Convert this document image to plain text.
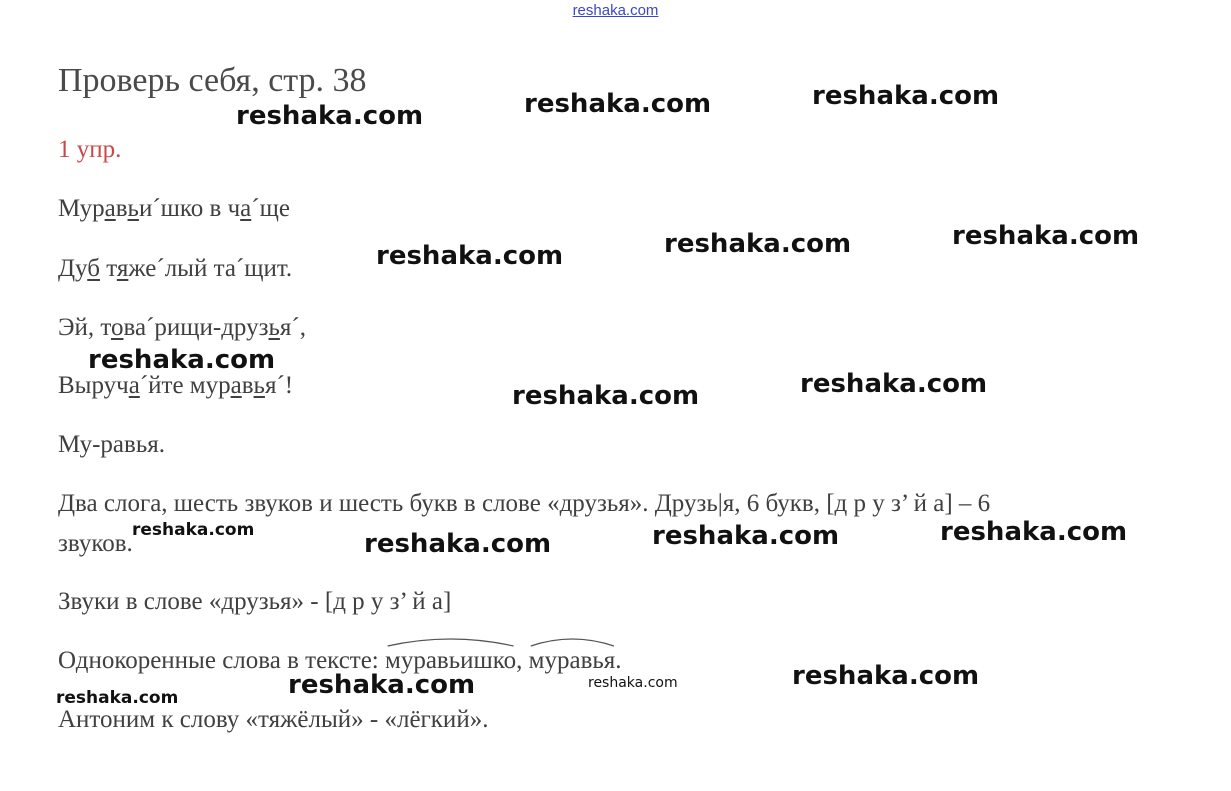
reshaka.com
Проверь себя, стр. 38
1 упр.
Муравьи´шко в ча´ще
Дуб тяже´лый та´щит.
Эй, това´рищи-друзья´,
Выруча´йте муравья´!
Му-равья.
Два слога, шесть звуков и шесть букв в слове «друзья». Друзь|я, 6 букв, [д р у з’ й а] – 6
звуков.
Звуки в слове «друзья» - [д р у з’ й а]
Однокоренные слова в тексте:
муравьишко,
муравья.
Антоним к слову «тяжёлый» - «лёгкий».
reshaka.com	reshaka.com	reshaka.com
reshaka.com	reshaka.com	reshaka.com
reshaka.com
reshaka.com	reshaka.com
reshaka.com	reshaka.com	reshaka.com	reshaka.com
reshaka.com	reshaka.com	reshaka.com	reshaka.com
